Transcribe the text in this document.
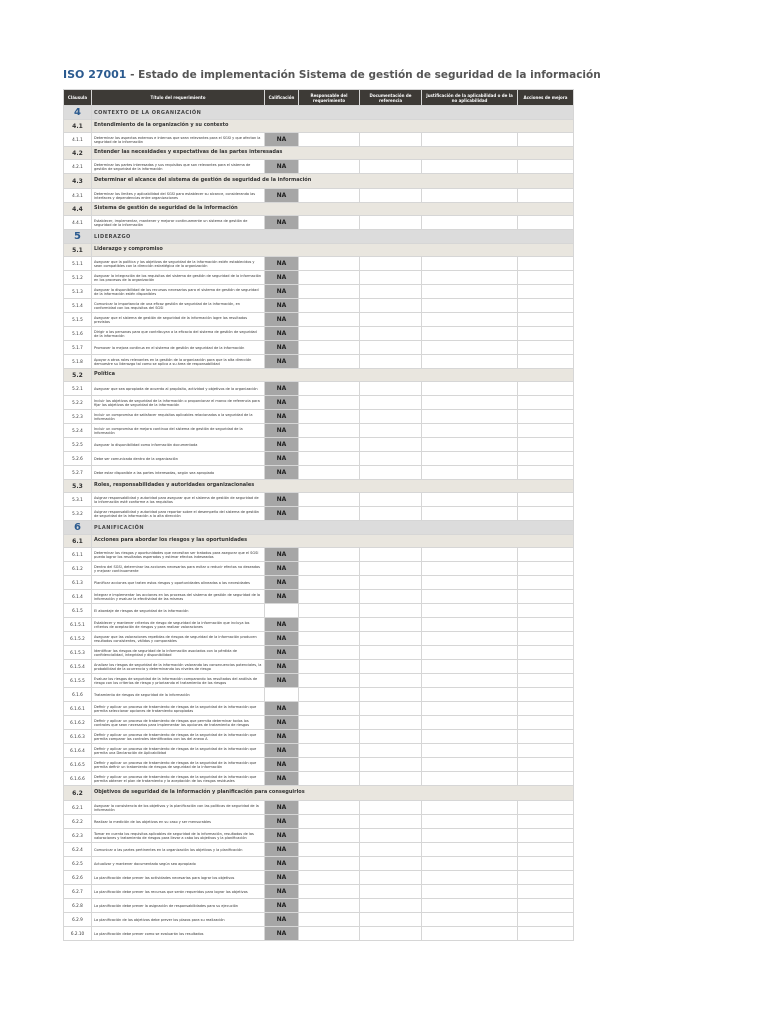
ISO 27001 - Estado de implementación Sistema de gestión de seguridad de la información
Cláusula	Título del requerimiento	Calificación	Responsable del requerimiento	Documentación de referencia	Justificación de la aplicabilidad o de la no aplicabilidad	Acciones de mejora
4	CONTEXTO DE LA ORGANIZACIÓN					
4.1	Entendimiento de la organización y su contexto					
4.1.1	Determinar los aspectos externos e internos que sean relevantes para el SGSI y que afectan la seguridad de la información	NA				
4.2	Entender las necesidades y expectativas de las partes interesadas					
4.2.1	Determinar las partes interesadas y sus requisitos que son relevantes para el sistema de gestión de seguridad de la información	NA				
4.3	Determinar el alcance del sistema de gestión de seguridad de la información					
4.3.1	Determinar los límites y aplicabilidad del SGSI para establecer su alcance, considerando las interfaces y dependencias entre organizaciones	NA				
4.4	Sistema de gestión de seguridad de la información					
4.4.1	Establecer, implementar, mantener y mejorar continuamente un sistema de gestión de seguridad de la información	NA				
5	LIDERAZGO					
5.1	Liderazgo y compromiso					
5.1.1	Asegurar que la política y los objetivos de seguridad de la información estén establecidos y sean compatibles con la dirección estratégica de la organización	NA				
5.1.2	Asegurar la integración de los requisitos del sistema de gestión de seguridad de la información en los procesos de la organización	NA				
5.1.3	Asegurar la disponibilidad de los recursos necesarios para el sistema de gestión de seguridad de la información estén disponibles	NA				
5.1.4	Comunicar la importancia de una eficaz gestión de seguridad de la información, en conformidad con los requisitos del SGSI	NA				
5.1.5	Asegurar que el sistema de gestión de seguridad de la información logre los resultados previstos	NA				
5.1.6	Dirigir a las personas para que contribuyan a la eficacia del sistema de gestión de seguridad de la información	NA				
5.1.7	Promover la mejora continua en el sistema de gestión de seguridad de la información	NA				
5.1.8	Apoyar a otros roles relevantes en la gestión de la organización para que la alta dirección demuestre su liderazgo tal como se aplica a su área de responsabilidad	NA				
5.2	Política					
5.2.1	Asegurar que sea apropiada de acuerdo al propósito, actividad y objetivos de la organización	NA				
5.2.2	Incluir los objetivos de seguridad de la información o proporcionar el marco de referencia para fijar los objetivos de seguridad de la información	NA				
5.2.3	Incluir un compromiso de satisfacer requisitos aplicables relacionados a la seguridad de la información	NA				
5.2.4	Incluir un compromiso de mejora continua del sistema de gestión de seguridad de la información	NA				
5.2.5	Asegurar la disponibilidad como información documentada	NA				
5.2.6	Debe ser comunicada dentro de la organización	NA				
5.2.7	Debe estar disponible a las partes interesadas, según sea apropiado	NA				
5.3	Roles, responsabilidades y autoridades organizacionales					
5.3.1	Asignar responsabilidad y autoridad para asegurar que el sistema de gestión de seguridad de la información esté conforme a los requisitos	NA				
5.3.2	Asignar responsabilidad y autoridad para reportar sobre el desempeño del sistema de gestión de seguridad de la información a la alta dirección	NA				
6	PLANIFICACIÓN					
6.1	Acciones para abordar los riesgos y las oportunidades					
6.1.1	Determinar los riesgos y oportunidades que necesitan ser tratados para asegurar que el SGSI pueda lograr los resultados esperados y estimar efectos indeseados	NA				
6.1.2	Dentro del SGSI, determinar las acciones necesarias para evitar o reducir efectos no deseados y mejorar continuamente	NA				
6.1.3	Planificar acciones que traten estos riesgos y oportunidades alineadas a las necesidades	NA				
6.1.4	Integrar e implementar las acciones en los procesos del sistema de gestión de seguridad de la información y evaluar la efectividad de las mismas	NA				
6.1.5	El abordaje de riesgos de seguridad de la información					
6.1.5.1	Establecer y mantener criterios de riesgo de seguridad de la información que incluya los criterios de aceptación de riesgos y para realizar valoraciones	NA				
6.1.5.2	Asegurar que las valoraciones repetidas de riesgos de seguridad de la información producen resultados consistentes, válidos y comparables	NA				
6.1.5.3	Identificar los riesgos de seguridad de la información asociados con la pérdida de confidencialidad, integridad y disponibilidad	NA				
6.1.5.4	Analizar los riesgos de seguridad de la información valorando las consecuencias potenciales, la probabilidad de la ocurrencia y determinando los niveles de riesgo	NA				
6.1.5.5	Evaluar los riesgos de seguridad de la información comparando los resultados del análisis de riesgo con los criterios de riesgo y priorizando el tratamiento de los riesgos	NA				
6.1.6	Tratamiento de riesgos de seguridad de la información					
6.1.6.1	Definir y aplicar un proceso de tratamiento de riesgos de la seguridad de la información que permita seleccionar opciones de tratamiento apropiadas	NA				
6.1.6.2	Definir y aplicar un proceso de tratamiento de riesgos que permita determinar todos los controles que sean necesarios para implementar las opciones de tratamiento de riesgos	NA				
6.1.6.3	Definir y aplicar un proceso de tratamiento de riesgos de la seguridad de la información que permita comparar los controles identificados con los del anexo A	NA				
6.1.6.4	Definir y aplicar un proceso de tratamiento de riesgos de la seguridad de la información que permita una Declaración de Aplicabilidad	NA				
6.1.6.5	Definir y aplicar un proceso de tratamiento de riesgos de la seguridad de la información que permita definir un tratamiento de riesgos de seguridad de la información	NA				
6.1.6.6	Definir y aplicar un proceso de tratamiento de riesgos de la seguridad de la información que permita obtener el plan de tratamiento y la aceptación de los riesgos residuales	NA				
6.2	Objetivos de seguridad de la información y planificación para conseguirlos					
6.2.1	Asegurar la consistencia de los objetivos y la planificación con las políticas de seguridad de la información	NA				
6.2.2	Realizar la medición de los objetivos en su caso y ser mensurables	NA				
6.2.3	Tomar en cuenta los requisitos aplicables de seguridad de la información, resultados de las valoraciones y tratamiento de riesgos para llevar a cabo los objetivos y la planificación	NA				
6.2.4	Comunicar a las partes pertinentes en la organización los objetivos y la planificación	NA				
6.2.5	Actualizar y mantener documentado según sea apropiado	NA				
6.2.6	La planificación debe prever las actividades necesarias para lograr los objetivos	NA				
6.2.7	La planificación debe prever los recursos que serán requeridos para lograr los objetivos	NA				
6.2.8	La planificación debe prever la asignación de responsabilidades para su ejecución	NA				
6.2.9	La planificación de los objetivos debe prever los plazos para su realización	NA				
6.2.10	La planificación debe prever como se evaluarán los resultados	NA				
